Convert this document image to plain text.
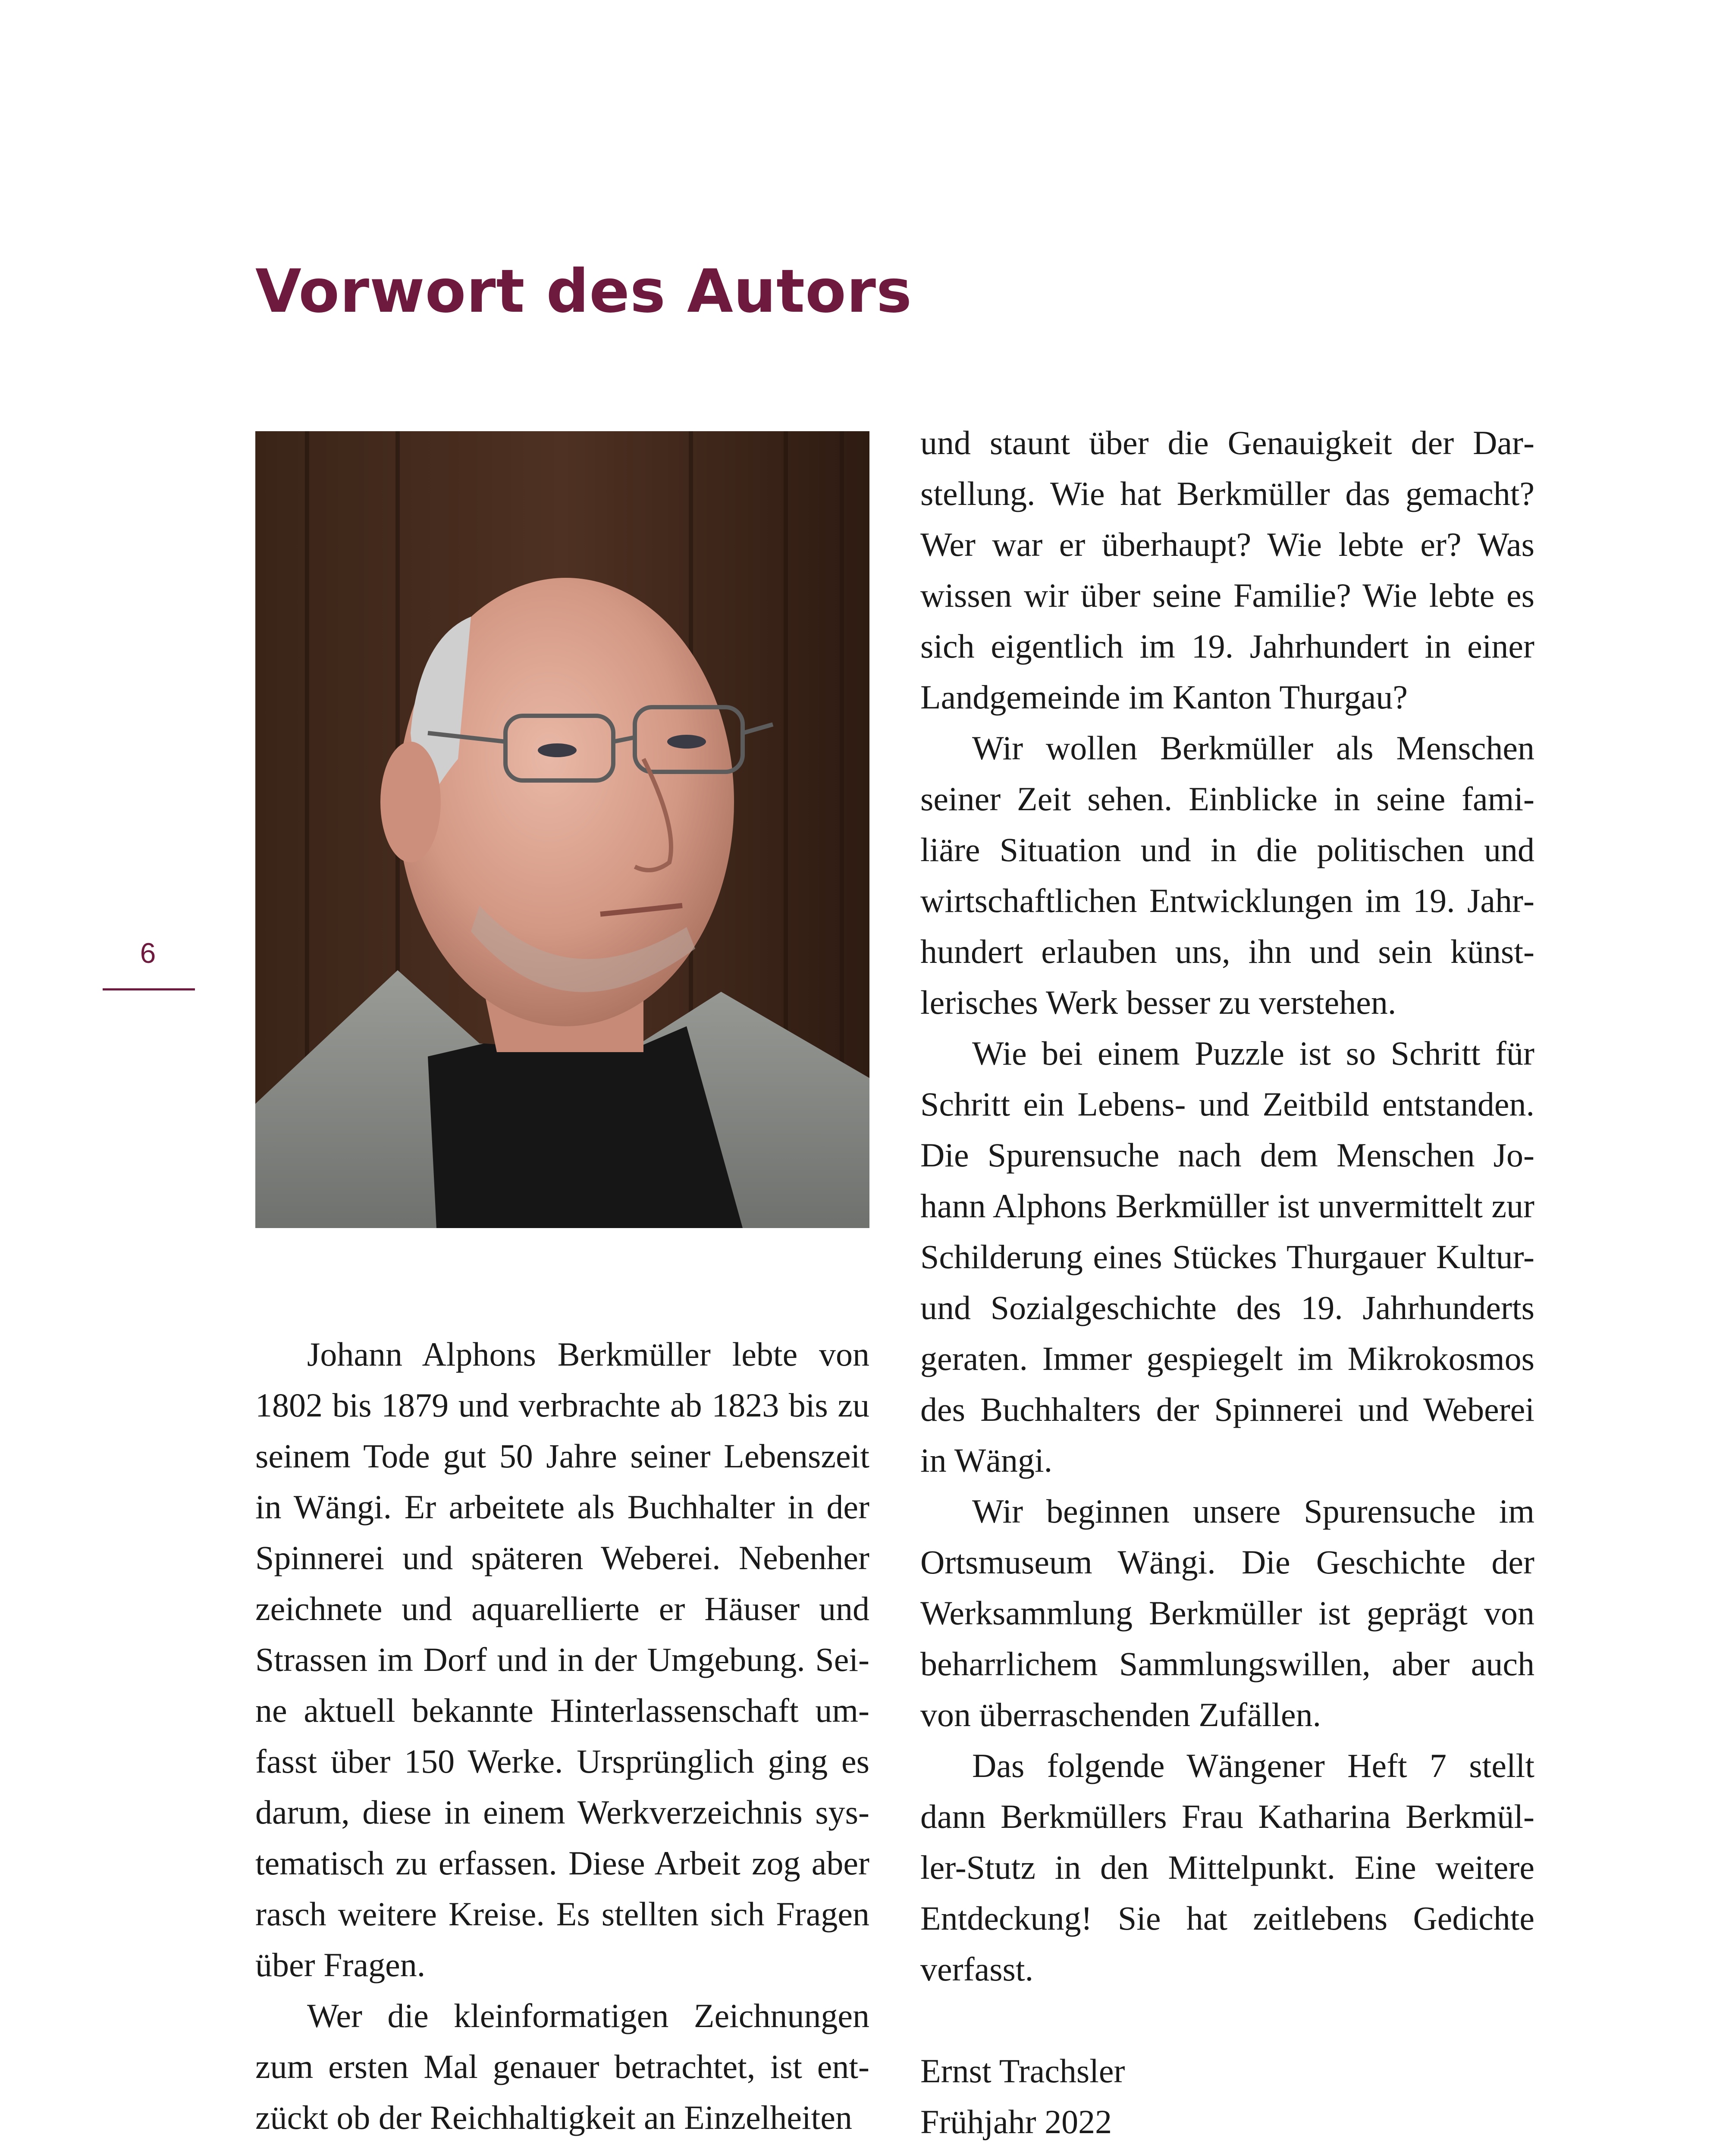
Vorwort des Autors
6

Johann Alphons Berkmüller lebte von 1802 bis 1879 und verbrachte ab 1823 bis zu seinem Tode gut 50 Jahre seiner Lebenszeit in Wängi. Er arbeitete als Buchhalter in der Spinnerei und späteren Weberei. Nebenher zeichnete und aquarellierte er Häuser und Strassen im Dorf und in der Umgebung. Seine aktuell bekannte Hinterlassenschaft umfasst über 150 Werke. Ursprünglich ging es darum, diese in einem Werkverzeichnis systematisch zu erfassen. Diese Arbeit zog aber rasch weitere Kreise. Es stellten sich Fragen über Fragen.

Wer die kleinformatigen Zeichnungen zum ersten Mal genauer betrachtet, ist entzückt ob der Reichhaltigkeit an Einzelheiten

und staunt über die Genauigkeit der Darstellung. Wie hat Berkmüller das gemacht? Wer war er überhaupt? Wie lebte er? Was wissen wir über seine Familie? Wie lebte es sich eigentlich im 19. Jahrhundert in einer Landgemeinde im Kanton Thurgau?

Wir wollen Berkmüller als Menschen seiner Zeit sehen. Einblicke in seine familiäre Situation und in die politischen und wirtschaftlichen Entwicklungen im 19. Jahrhundert erlauben uns, ihn und sein künstlerisches Werk besser zu verstehen.

Wie bei einem Puzzle ist so Schritt für Schritt ein Lebens- und Zeitbild entstanden. Die Spurensuche nach dem Menschen Johann Alphons Berkmüller ist unvermittelt zur Schilderung eines Stückes Thurgauer Kultur- und Sozialgeschichte des 19. Jahrhunderts geraten. Immer gespiegelt im Mikrokosmos des Buchhalters der Spinnerei und Weberei in Wängi.

Wir beginnen unsere Spurensuche im Ortsmuseum Wängi. Die Geschichte der Werksammlung Berkmüller ist geprägt von beharrlichem Sammlungswillen, aber auch von überraschenden Zufällen.

Das folgende Wängener Heft 7 stellt dann Berkmüllers Frau Katharina Berkmüller-Stutz in den Mittelpunkt. Eine weitere Entdeckung! Sie hat zeitlebens Gedichte verfasst.

Ernst Trachsler
Frühjahr 2022
